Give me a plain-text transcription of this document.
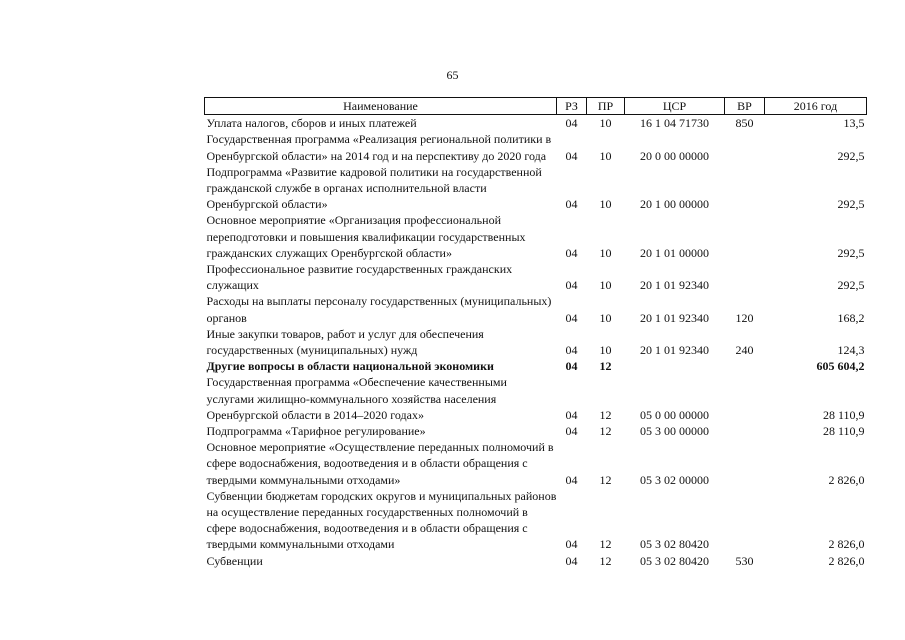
65
Наименование	РЗ	ПР	ЦСР	ВР	2016 год
Уплата налогов, сборов и иных платежей	04	10	16 1 04 71730	850	13,5
Государственная программа «Реализация региональной политики в Оренбургской области» на 2014 год и на перспективу до 2020 года	04	10	20 0 00 00000		292,5
Подпрограмма «Развитие кадровой политики на государственной гражданской службе в органах исполнительной власти Оренбургской области»	04	10	20 1 00 00000		292,5
Основное мероприятие «Организация профессиональной переподготовки и повышения квалификации государственных гражданских служащих Оренбургской области»	04	10	20 1 01 00000		292,5
Профессиональное развитие государственных гражданских служащих	04	10	20 1 01 92340		292,5
Расходы на выплаты персоналу государственных (муниципальных) органов	04	10	20 1 01 92340	120	168,2
Иные закупки товаров, работ и услуг для обеспечения государственных (муниципальных) нужд	04	10	20 1 01 92340	240	124,3
Другие вопросы в области национальной экономики	04	12			605 604,2
Государственная программа «Обеспечение качественными услугами жилищно-коммунального хозяйства населения Оренбургской области в 2014–2020 годах»	04	12	05 0 00 00000		28 110,9
Подпрограмма «Тарифное регулирование»	04	12	05 3 00 00000		28 110,9
Основное мероприятие «Осуществление переданных полномочий в сфере водоснабжения, водоотведения и в области обращения с твердыми коммунальными отходами»	04	12	05 3 02 00000		2 826,0
Субвенции бюджетам городских округов и муниципальных районов на осуществление переданных государственных полномочий в сфере водоснабжения, водоотведения и в области обращения с твердыми коммунальными отходами	04	12	05 3 02 80420		2 826,0
Субвенции	04	12	05 3 02 80420	530	2 826,0
